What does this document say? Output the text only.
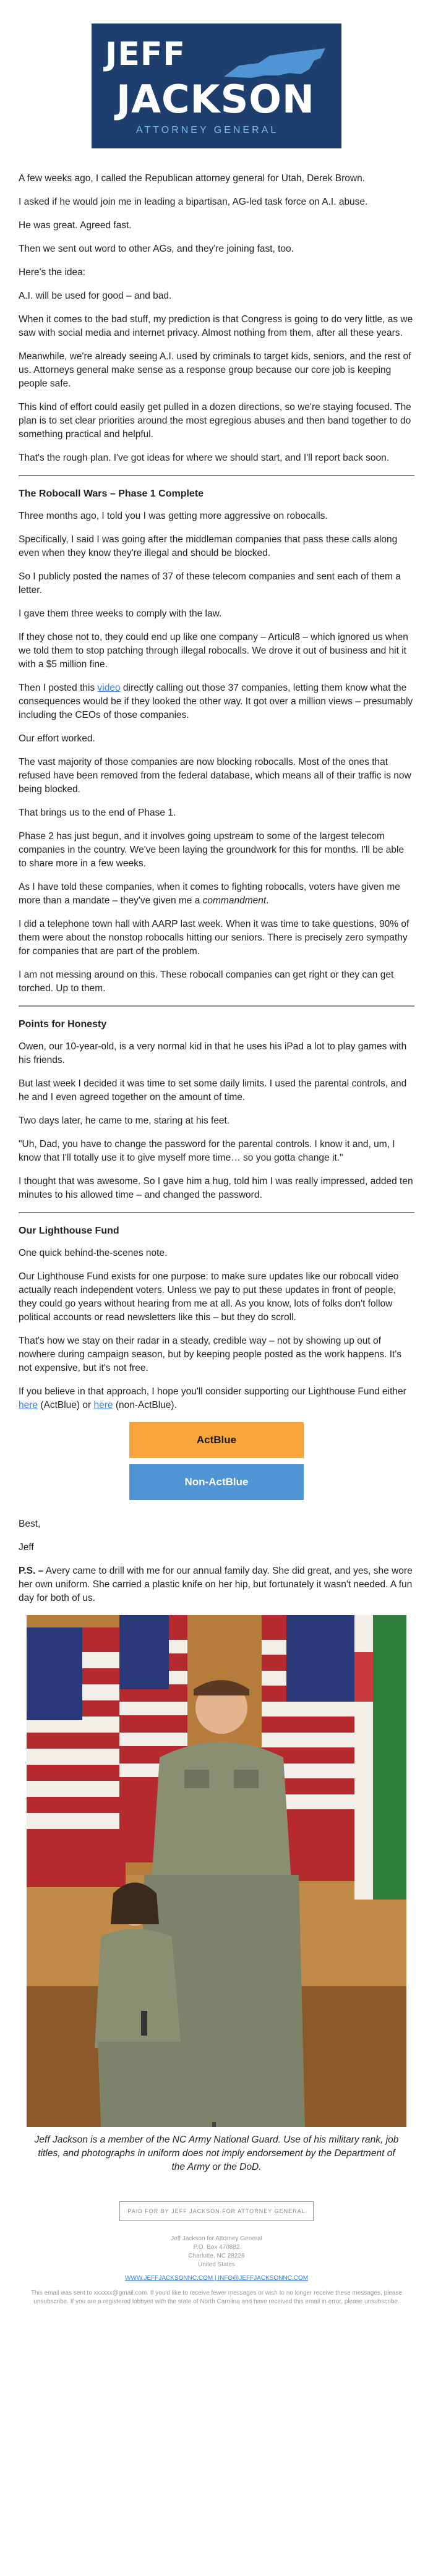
JEFF
JACKSON
ATTORNEY GENERAL

A few weeks ago, I called the Republican attorney general for Utah, Derek Brown.

I asked if he would join me in leading a bipartisan, AG-led task force on A.I. abuse.

He was great. Agreed fast.

Then we sent out word to other AGs, and they're joining fast, too.

Here's the idea:

A.I. will be used for good – and bad.

When it comes to the bad stuff, my prediction is that Congress is going to do very little, as we saw with social media and internet privacy. Almost nothing from them, after all these years.

Meanwhile, we're already seeing A.I. used by criminals to target kids, seniors, and the rest of us. Attorneys general make sense as a response group because our core job is keeping people safe.

This kind of effort could easily get pulled in a dozen directions, so we're staying focused. The plan is to set clear priorities around the most egregious abuses and then band together to do something practical and helpful.

That's the rough plan. I've got ideas for where we should start, and I'll report back soon.

The Robocall Wars – Phase 1 Complete

Three months ago, I told you I was getting more aggressive on robocalls.

Specifically, I said I was going after the middleman companies that pass these calls along even when they know they're illegal and should be blocked.

So I publicly posted the names of 37 of these telecom companies and sent each of them a letter.

I gave them three weeks to comply with the law.

If they chose not to, they could end up like one company – Articul8 – which ignored us when we told them to stop patching through illegal robocalls. We drove it out of business and hit it with a $5 million fine.

Then I posted this video directly calling out those 37 companies, letting them know what the consequences would be if they looked the other way. It got over a million views – presumably including the CEOs of those companies.

Our effort worked.

The vast majority of those companies are now blocking robocalls. Most of the ones that refused have been removed from the federal database, which means all of their traffic is now being blocked.

That brings us to the end of Phase 1.

Phase 2 has just begun, and it involves going upstream to some of the largest telecom companies in the country. We've been laying the groundwork for this for months. I'll be able to share more in a few weeks.

As I have told these companies, when it comes to fighting robocalls, voters have given me more than a mandate – they've given me a commandment.

I did a telephone town hall with AARP last week. When it was time to take questions, 90% of them were about the nonstop robocalls hitting our seniors. There is precisely zero sympathy for companies that are part of the problem.

I am not messing around on this. These robocall companies can get right or they can get torched. Up to them.

Points for Honesty

Owen, our 10-year-old, is a very normal kid in that he uses his iPad a lot to play games with his friends.

But last week I decided it was time to set some daily limits. I used the parental controls, and he and I even agreed together on the amount of time.

Two days later, he came to me, staring at his feet.

"Uh, Dad, you have to change the password for the parental controls. I know it and, um, I know that I'll totally use it to give myself more time… so you gotta change it."

I thought that was awesome. So I gave him a hug, told him I was really impressed, added ten minutes to his allowed time – and changed the password.

Our Lighthouse Fund

One quick behind-the-scenes note.

Our Lighthouse Fund exists for one purpose: to make sure updates like our robocall video actually reach independent voters. Unless we pay to put these updates in front of people, they could go years without hearing from me at all. As you know, lots of folks don't follow political accounts or read newsletters like this – but they do scroll.

That's how we stay on their radar in a steady, credible way – not by showing up out of nowhere during campaign season, but by keeping people posted as the work happens. It's not expensive, but it's not free.

If you believe in that approach, I hope you'll consider supporting our Lighthouse Fund either here (ActBlue) or here (non-ActBlue).

ActBlue
Non-ActBlue

Best,

Jeff

P.S. – Avery came to drill with me for our annual family day. She did great, and yes, she wore her own uniform. She carried a plastic knife on her hip, but fortunately it wasn't needed. A fun day for both of us.

Jeff Jackson is a member of the NC Army National Guard. Use of his military rank, job titles, and photographs in uniform does not imply endorsement by the Department of the Army or the DoD.

PAID FOR BY JEFF JACKSON FOR ATTORNEY GENERAL
Jeff Jackson for Attorney General
P.O. Box 470882
Charlotte, NC 28226
United States
WWW.JEFFJACKSONNC.COM | INFO@JEFFJACKSONNC.COM
This email was sent to xxxxxx@gmail.com. If you'd like to receive fewer messages or wish to no longer receive these messages, please unsubscribe. If you are a registered lobbyist with the state of North Carolina and have received this email in error, please unsubscribe.
